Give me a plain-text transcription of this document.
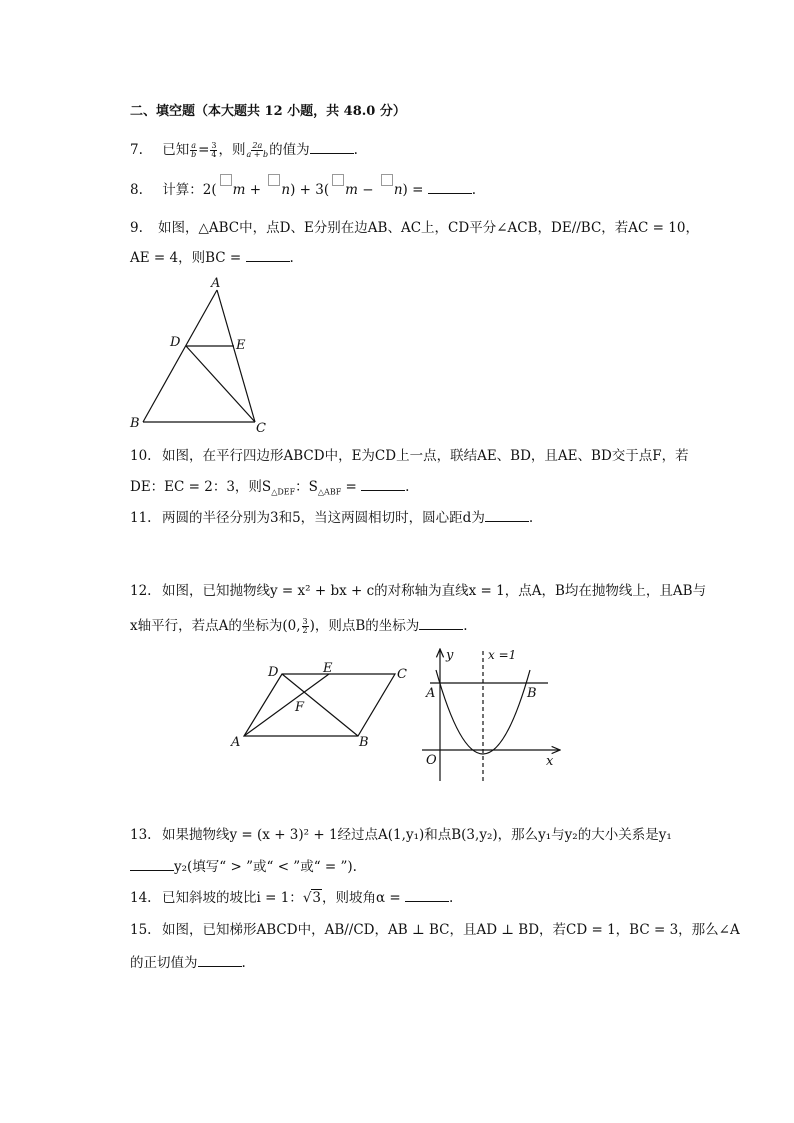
二、填空题（本大题共 12 小题，共 48.0 分）
7. 已知 $\frac{a}{b} = \frac{3}{4}$ ，则 $\frac{2a}{a + b}$ 的值为	.
8. 计算：2( m + n) + 3( m − n) =	.
9. 如图，△ABC中，点D、E分别在边AB、AC上，CD平分∠ACB，DE//BC，若AC = 10，
AE = 4，则BC =	.
A
D	E
B	C
10. 如图，在平行四边形ABCD中，E为CD上一点，联结AE、BD，且AE、BD交于点F，若
DE：EC = 2：3，则$S_{\triangle DEF}$：$S_{\triangle ABF}$ =	.
11. 两圆的半径分别为3和5，当这两圆相切时，圆心距d为	.
12. 如图，已知抛物线y = x² + bx + c的对称轴为直线x = 1，点A，B均在抛物线上，且AB与
x轴平行，若点A的坐标为(0, $\frac{3}{2}$ )，则点B的坐标为	.
D	E	C
F
A	B
y	x =1
A	B
O	x
13. 如果抛物线y = (x + 3)² + 1经过点A(1,y₁)和点B(3,y₂)，那么y₁与y₂的大小关系是y₁
y₂(填写“ > ”或“ < ”或“ = ”).
14. 已知斜坡的坡比i = 1：√3，则坡角α =	.
15. 如图，已知梯形ABCD中，AB//CD，AB ⊥ BC，且AD ⊥ BD，若CD = 1，BC = 3，那么∠A
的正切值为	.
